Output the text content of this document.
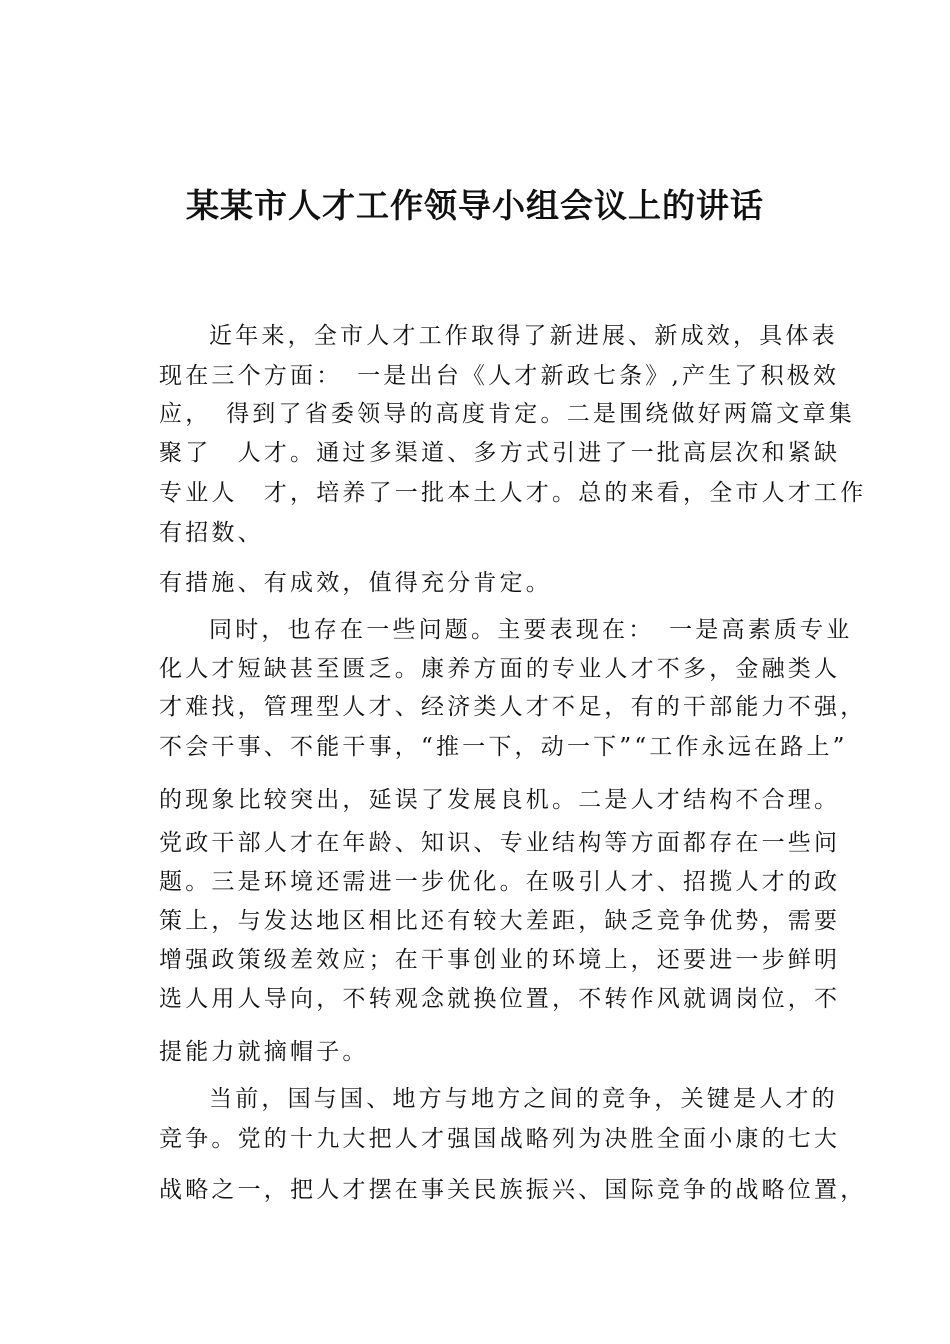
某某市人才工作领导小组会议上的讲话

近年来，全市人才工作取得了新进展、新成效，具体表

现在三个方面：　一是出台《人才新政七条》,产生了积极效

应，　得到了省委领导的高度肯定。二是围绕做好两篇文章集

聚了　人才。通过多渠道、多方式引进了一批高层次和紧缺

专业人　才，培养了一批本土人才。总的来看，全市人才工作

有招数、

有措施、有成效，值得充分肯定。

同时，也存在一些问题。主要表现在：　一是高素质专业

化人才短缺甚至匮乏。康养方面的专业人才不多，金融类人

才难找，管理型人才、经济类人才不足，有的干部能力不强，

不会干事、不能干事，“推一下，动一下”“工作永远在路上”

的现象比较突出，延误了发展良机。二是人才结构不合理。

党政干部人才在年龄、知识、专业结构等方面都存在一些问

题。三是环境还需进一步优化。在吸引人才、招揽人才的政

策上，与发达地区相比还有较大差距，缺乏竞争优势，需要

增强政策级差效应；在干事创业的环境上，还要进一步鲜明

选人用人导向，不转观念就换位置，不转作风就调岗位，不

提能力就摘帽子。

当前，国与国、地方与地方之间的竞争，关键是人才的

竞争。党的十九大把人才强国战略列为决胜全面小康的七大

战略之一，把人才摆在事关民族振兴、国际竞争的战略位置，
